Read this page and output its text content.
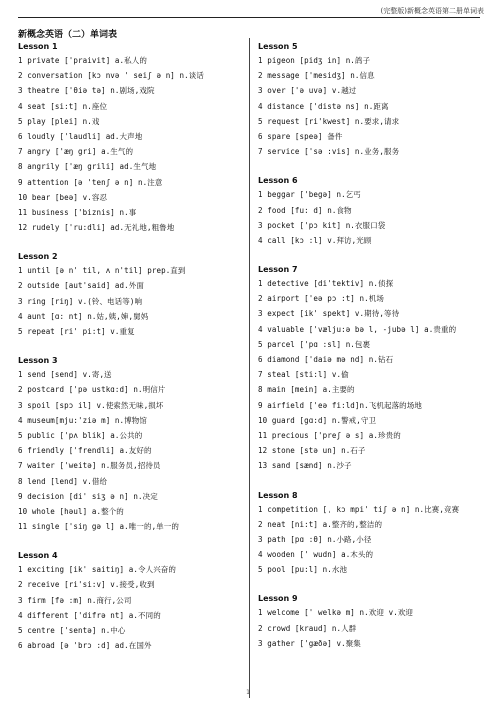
(完整版)新概念英语第二册单词表
新概念英语（二）单词表
Lesson 1
1 private ['praivit] a.私人的
2 conversation [kɔ nvə ' seiʃ ə n] n.谈话
3 theatre ['θiə tə] n.剧场,戏院
4 seat [si:t] n.座位
5 play [plei] n.戏
6 loudly ['laudli] ad.大声地
7 angry ['æŋ gri] a.生气的
8 angrily ['æŋ grili] ad.生气地
9 attention [ə 'tenʃ ə n] n.注意
10 bear [beə] v.容忍
11 business ['biznis] n.事
12 rudely ['ru:dli] ad.无礼地,粗鲁地
Lesson 2
1 until [ə n' til, ʌ n'til] prep.直到
2 outside [aut'said] ad.外面
3 ring [riŋ] v.(铃、电话等)响
4 aunt [ɑ: nt] n.姑,姨,婶,舅妈
5 repeat [ri' pi:t] v.重复
Lesson 3
1 send [send] v.寄,送
2 postcard ['pə ustkɑ:d] n.明信片
3 spoil [spɔ il] v.使索然无味,损坏
4 museum[mju:'ziə m] n.博物馆
5 public ['pʌ blik] a.公共的
6 friendly ['frendli] a.友好的
7 waiter ['weitə] n.服务员,招待员
8 lend [lend] v.借给
9 decision [di' siʒ ə n] n.决定
10 whole [həul] a.整个的
11 single ['siŋ gə l] a.唯一的,单一的
Lesson 4
1 exciting [ik' saitiŋ] a.令人兴奋的
2 receive [ri'si:v] v.接受,收到
3 firm [fə :m] n.商行,公司
4 different ['difrə nt] a.不同的
5 centre ['sentə] n.中心
6 abroad [ə 'brɔ :d] ad.在国外
Lesson 5
1 pigeon [pidʒ in] n.鸽子
2 message ['mesidʒ] n.信息
3 over ['ə uvə] v.越过
4 distance ['distə ns] n.距离
5 request [ri'kwest] n.要求,请求
6 spare [speə] 备件
7 service ['sə :vis] n.业务,服务
Lesson 6
1 beggar ['begə] n.乞丐
2 food [fu: d] n.食物
3 pocket ['pɔ kit] n.衣服口袋
4 call [kɔ :l] v.拜访,光顾
Lesson 7
1 detective [di'tektiv] n.侦探
2 airport ['eə pɔ :t] n.机场
3 expect [ik' spekt] v.期待,等待
4 valuable ['vælju:ə bə l, -jubə l] a.贵重的
5 parcel ['pɑ :sl] n.包裹
6 diamond ['daiə mə nd] n.钻石
7 steal [sti:l] v.偷
8 main [mein] a.主要的
9 airfield ['eə fi:ld]n.飞机起落的场地
10 guard [gɑ:d] n.警戒,守卫
11 precious ['preʃ ə s] a.珍贵的
12 stone [stə un] n.石子
13 sand [sænd] n.沙子
Lesson 8
1 competition [ˌ kɔ mpi' tiʃ ə n] n.比赛,竞赛
2 neat [ni:t] a.整齐的,整洁的
3 path [pɑ :θ] n.小路,小径
4 wooden [' wudn] a.木头的
5 pool [pu:l] n.水池
Lesson 9
1 welcome [' welkə m] n.欢迎 v.欢迎
2 crowd [kraud] n.人群
3 gather ['gæðə] v.聚集
1
